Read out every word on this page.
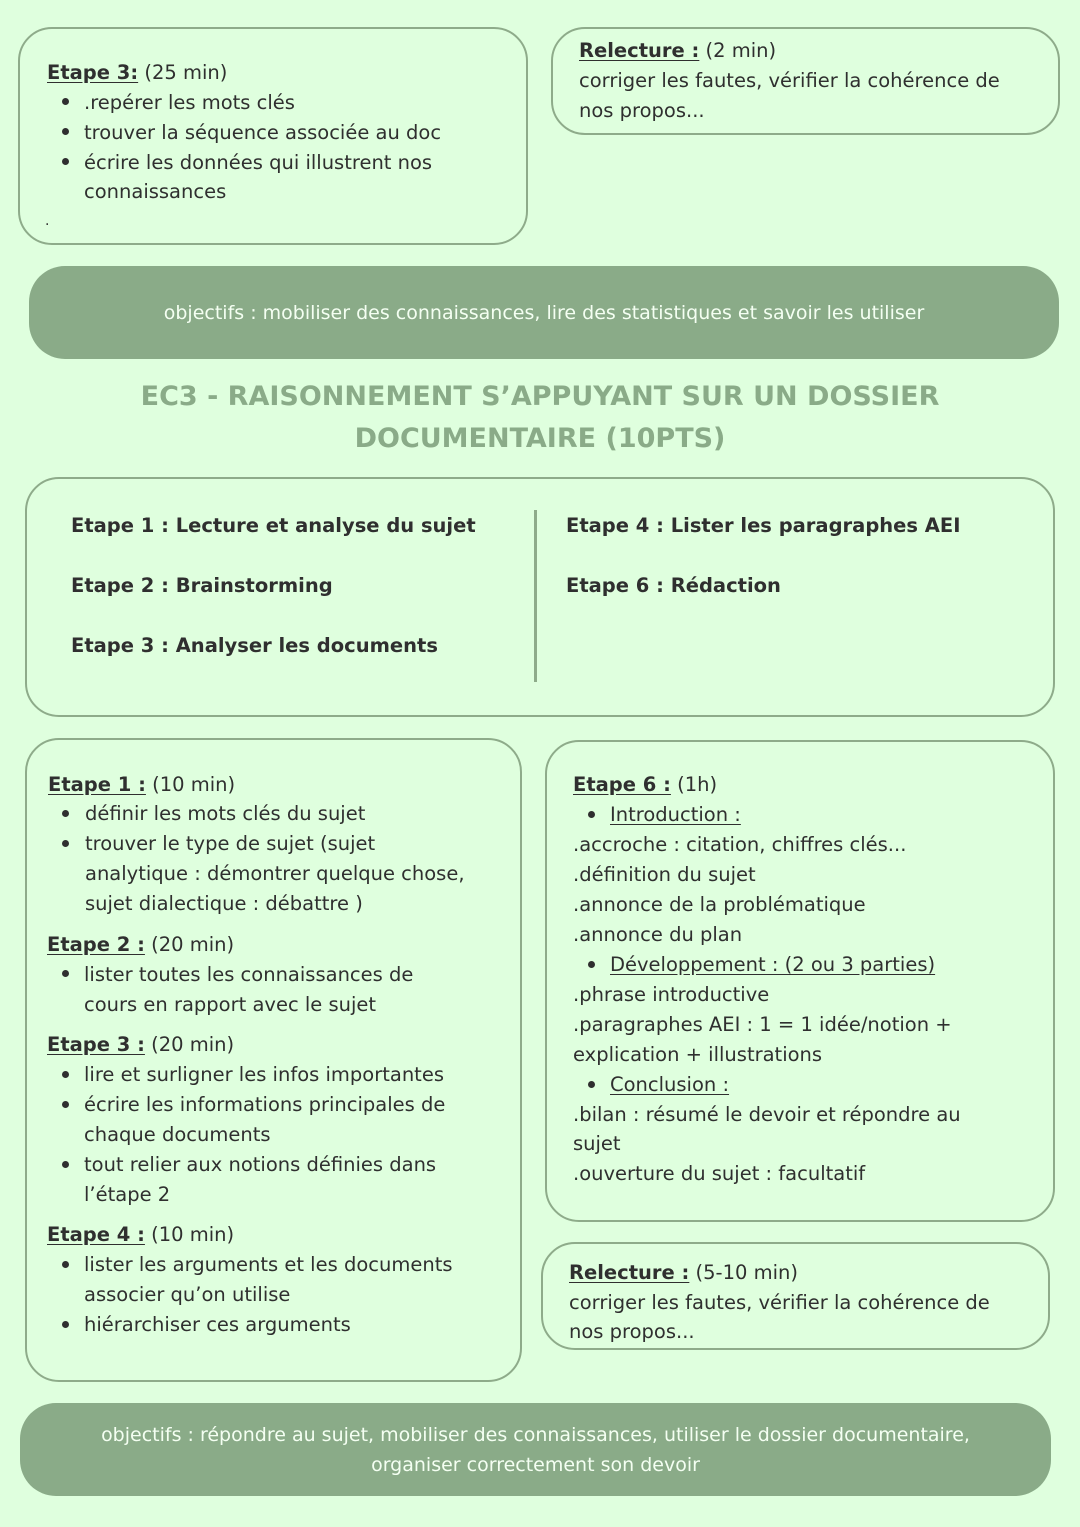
Etape 3: (25 min)

.repérer les mots clés

trouver la séquence associée au doc

écrire les données qui illustrent nos

connaissances

.

Relecture : (2 min)

corriger les fautes, vérifier la cohérence de

nos propos...

objectifs : mobiliser des connaissances, lire des statistiques et savoir les utiliser

EC3 - RAISONNEMENT S’APPUYANT SUR UN DOSSIER

DOCUMENTAIRE (10PTS)

Etape 1 : Lecture et analyse du sujet

Etape 2 : Brainstorming

Etape 3 : Analyser les documents

Etape 4 : Lister les paragraphes AEI

Etape 6 : Rédaction

Etape 1 : (10 min)

définir les mots clés du sujet

trouver le type de sujet (sujet

analytique : démontrer quelque chose,

sujet dialectique : débattre )

Etape 2 : (20 min)

lister toutes les connaissances de

cours en rapport avec le sujet

Etape 3 : (20 min)

lire et surligner les infos importantes

écrire les informations principales de

chaque documents

tout relier aux notions définies dans

l’étape 2

Etape 4 : (10 min)

lister les arguments et les documents

associer qu’on utilise

hiérarchiser ces arguments

Etape 6 : (1h)

Introduction :

.accroche : citation, chiffres clés...

.définition du sujet

.annonce de la problématique

.annonce du plan

Développement : (2 ou 3 parties)

.phrase introductive

.paragraphes AEI : 1 = 1 idée/notion +

explication + illustrations

Conclusion :

.bilan : résumé le devoir et répondre au

sujet

.ouverture du sujet : facultatif

Relecture : (5-10 min)

corriger les fautes, vérifier la cohérence de

nos propos...

objectifs : répondre au sujet, mobiliser des connaissances, utiliser le dossier documentaire,
organiser correctement son devoir
